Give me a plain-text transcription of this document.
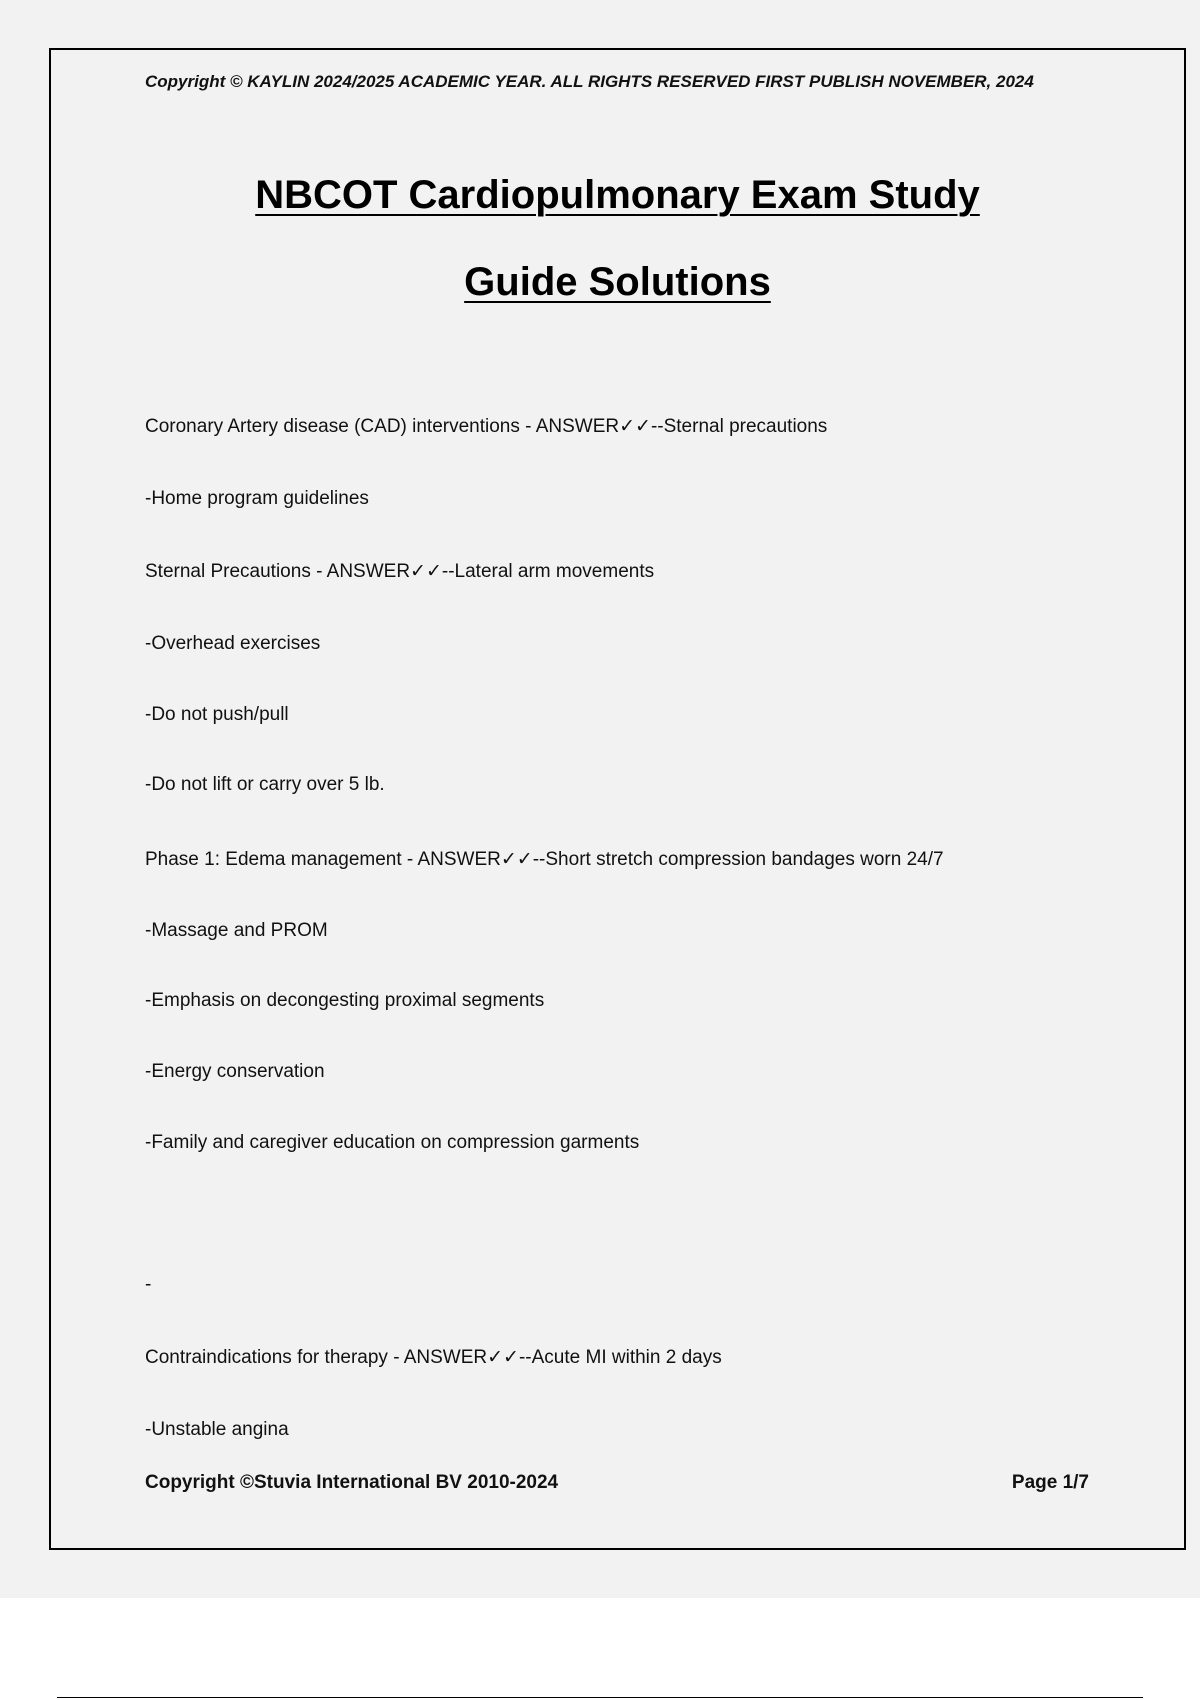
Copyright © KAYLIN 2024/2025 ACADEMIC YEAR. ALL RIGHTS RESERVED FIRST PUBLISH NOVEMBER, 2024
NBCOT Cardiopulmonary Exam Study
Guide Solutions
Coronary Artery disease (CAD) interventions - ANSWER✓✓--Sternal precautions
-Home program guidelines
Sternal Precautions - ANSWER✓✓--Lateral arm movements
-Overhead exercises
-Do not push/pull
-Do not lift or carry over 5 lb.
Phase 1: Edema management - ANSWER✓✓--Short stretch compression bandages worn 24/7
-Massage and PROM
-Emphasis on decongesting proximal segments
-Energy conservation
-Family and caregiver education on compression garments
-
Contraindications for therapy - ANSWER✓✓--Acute MI within 2 days
-Unstable angina
Copyright ©Stuvia International BV 2010-2024	Page 1/7
